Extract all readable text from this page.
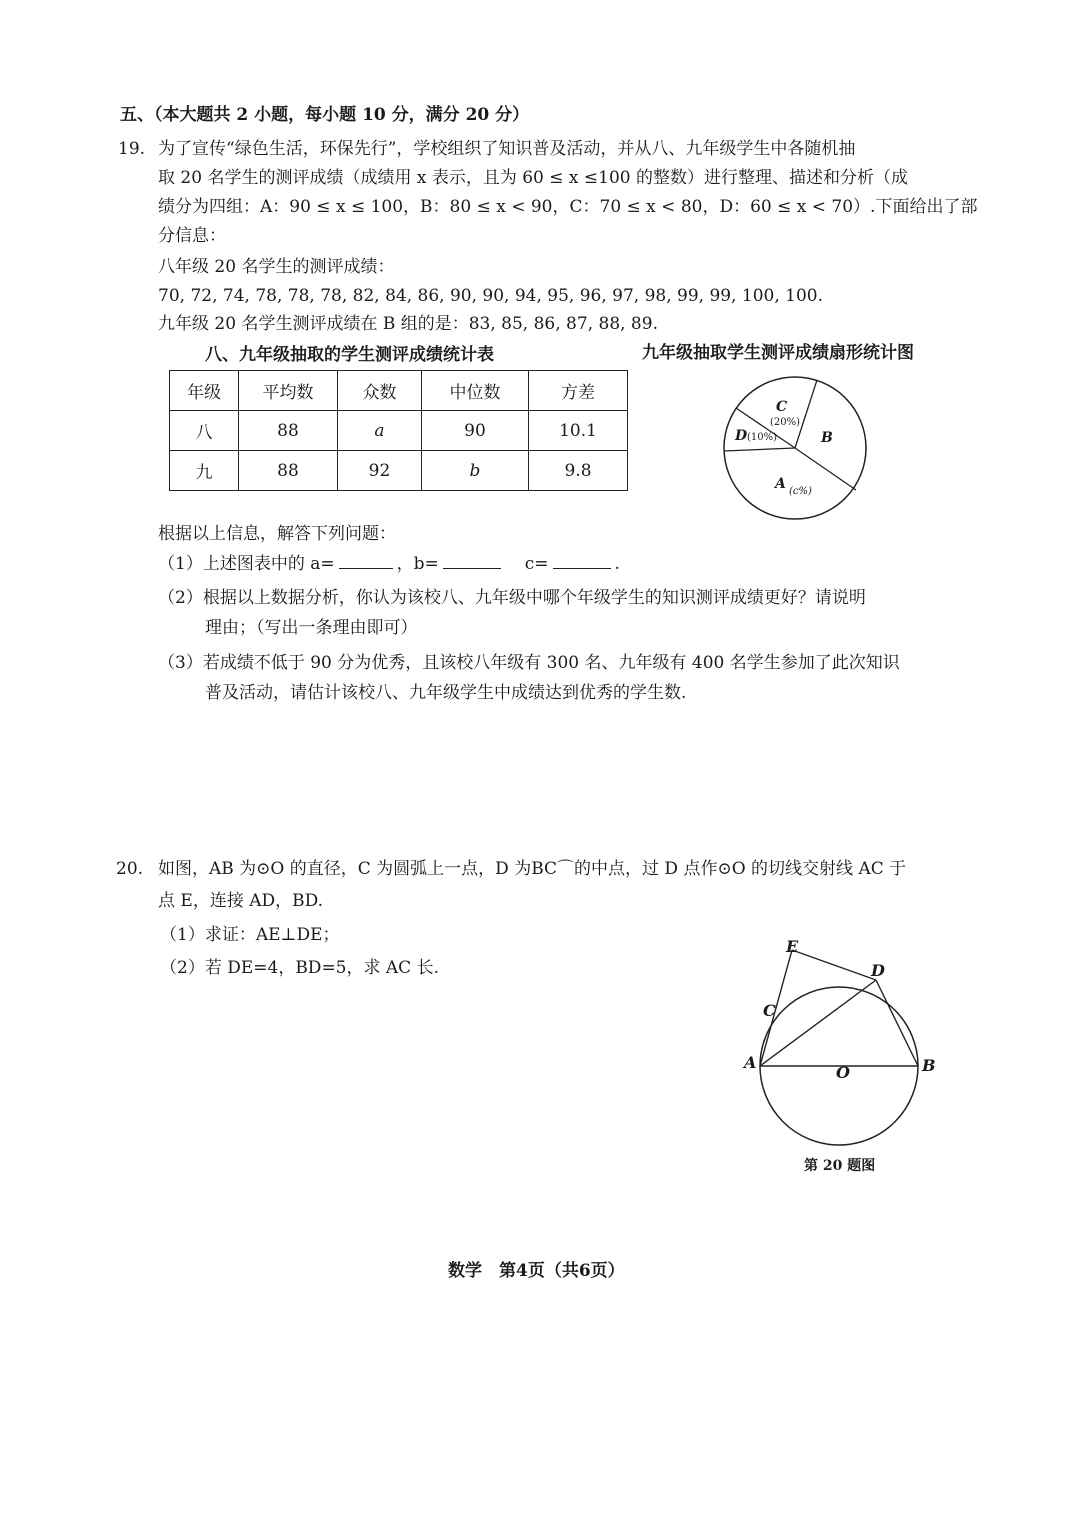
五、（本大题共 2 小题，每小题 10 分，满分 20 分）
19. 为了宣传“绿色生活，环保先行”，学校组织了知识普及活动，并从八、九年级学生中各随机抽
取 20 名学生的测评成绩（成绩用 x 表示，且为 60 ≤ x ≤100 的整数）进行整理、描述和分析（成
绩分为四组：A：90 ≤ x ≤ 100，B：80 ≤ x < 90，C：70 ≤ x < 80，D：60 ≤ x < 70）.下面给出了部
分信息：
八年级 20 名学生的测评成绩：
70, 72, 74, 78, 78, 78, 82, 84, 86, 90, 90, 94, 95, 96, 97, 98, 99, 99, 100, 100.
九年级 20 名学生测评成绩在 B 组的是：83, 85, 86, 87, 88, 89.
八、九年级抽取的学生测评成绩统计表	九年级抽取学生测评成绩扇形统计图
年级	平均数	众数	中位数	方差
八	88	a	90	10.1
九	88	92	b	9.8
C
(20%)
D (10%)	B
A (c%)
根据以上信息，解答下列问题：
（1）上述图表中的 a=	，b=	c=	.
（2）根据以上数据分析，你认为该校八、九年级中哪个年级学生的知识测评成绩更好？请说明
理由；（写出一条理由即可）
（3）若成绩不低于 90 分为优秀，且该校八年级有 300 名、九年级有 400 名学生参加了此次知识
普及活动，请估计该校八、九年级学生中成绩达到优秀的学生数.
20. 如图，AB 为⊙O 的直径，C 为圆弧上一点，D 为BC⌒的中点，过 D 点作⊙O 的切线交射线 AC 于
点 E，连接 AD，BD.
（1）求证：AE⊥DE；
（2）若 DE=4，BD=5，求 AC 长.
E
D
C
A
O	B
第 20 题图
数学　第4页（共6页）
